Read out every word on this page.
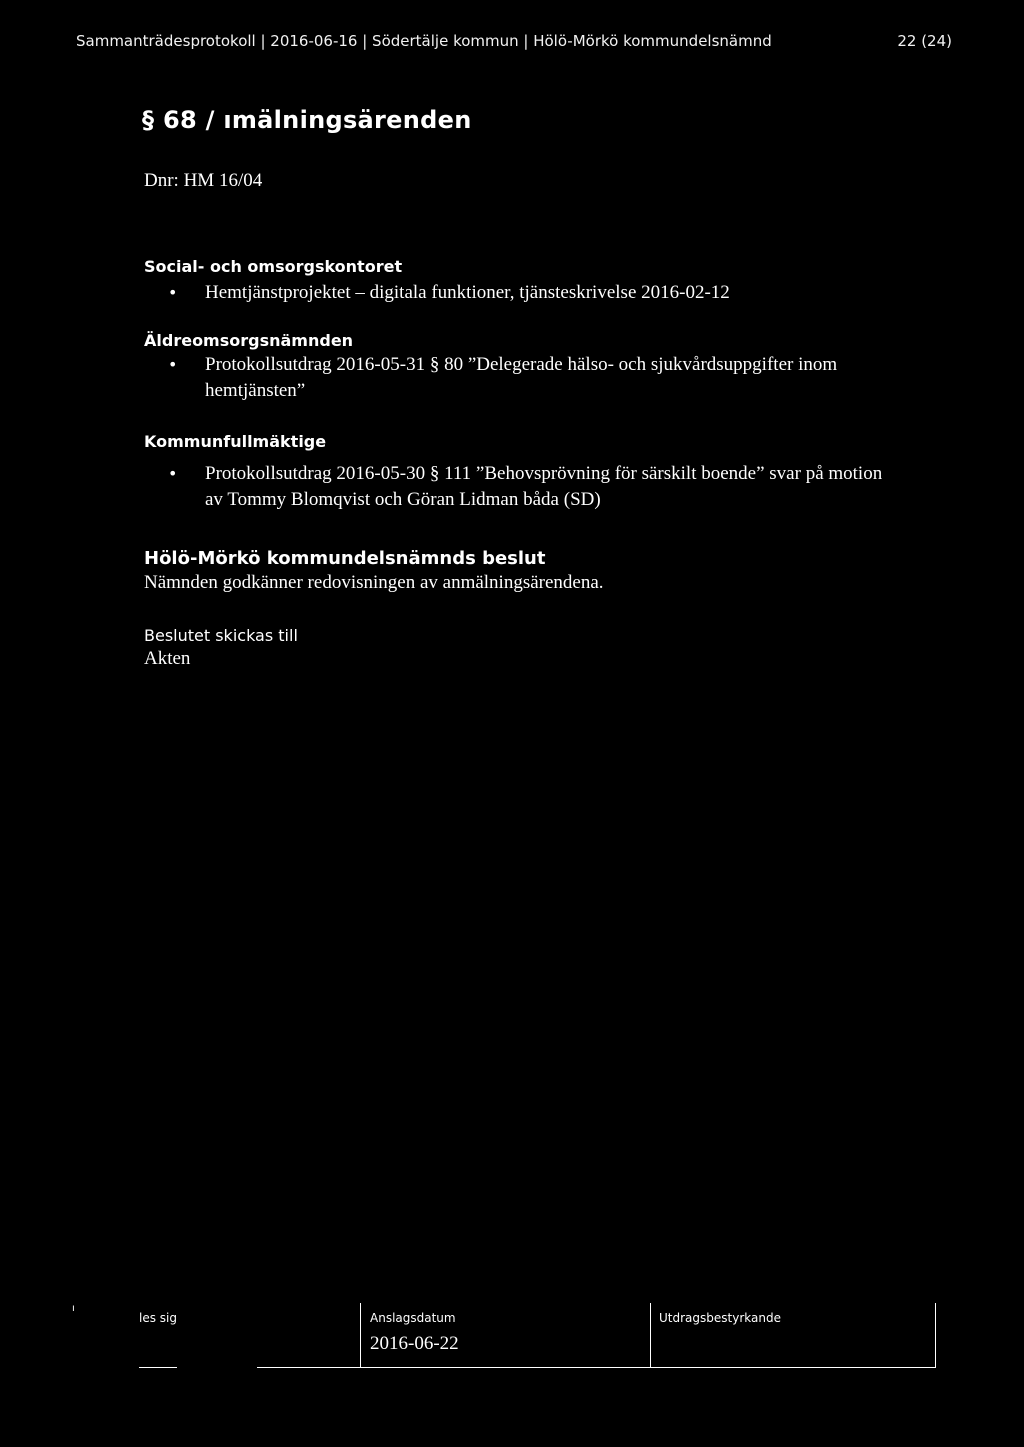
Sammanträdesprotokoll | 2016-06-16 | Södertälje kommun | Hölö-Mörkö kommundelsnämnd	22 (24)
§ 68 / ımälningsärenden
Dnr: HM 16/04
Social- och omsorgskontoret
• Hemtjänstprojektet – digitala funktioner, tjänsteskrivelse 2016-02-12
Äldreomsorgsnämnden
• Protokollsutdrag 2016-05-31 § 80 ”Delegerade hälso- och sjukvårdsuppgifter inom hemtjänsten”
Kommunfullmäktige
• Protokollsutdrag 2016-05-30 § 111 ”Behovsprövning för särskilt boende” svar på motion av Tommy Blomqvist och Göran Lidman båda (SD)
Hölö-Mörkö kommundelsnämnds beslut
Nämnden godkänner redovisningen av anmälningsärendena.
Beslutet skickas till
Akten
ı
les sig	Anslagsdatum
2016-06-22
Utdragsbestyrkande
